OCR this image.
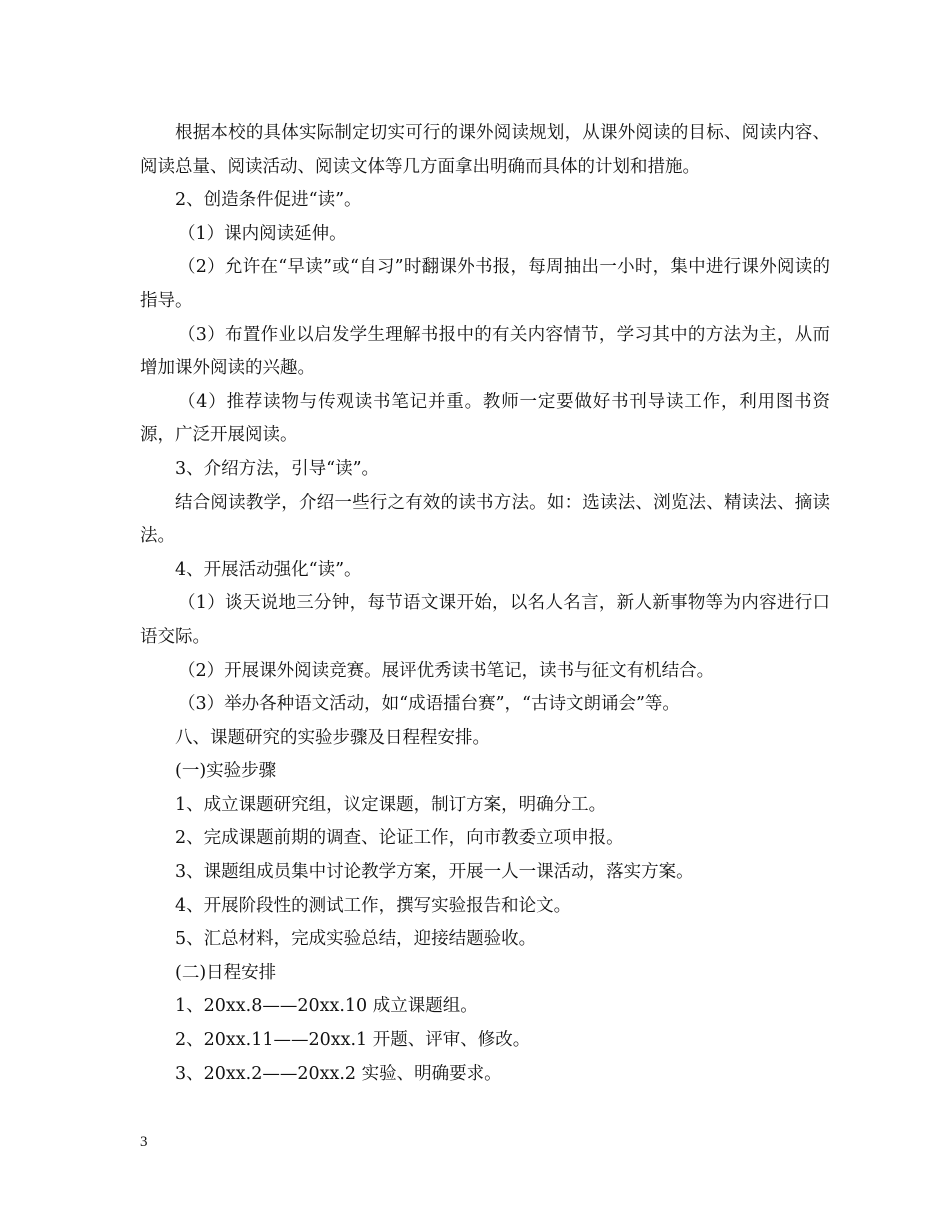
根据本校的具体实际制定切实可行的课外阅读规划，从课外阅读的目标、阅读内容、阅读总量、阅读活动、阅读文体等几方面拿出明确而具体的计划和措施。

2、创造条件促进“读”。

（1）课内阅读延伸。

（2）允许在“早读”或“自习”时翻课外书报，每周抽出一小时，集中进行课外阅读的指导。

（3）布置作业以启发学生理解书报中的有关内容情节，学习其中的方法为主，从而增加课外阅读的兴趣。

（4）推荐读物与传观读书笔记并重。教师一定要做好书刊导读工作，利用图书资源，广泛开展阅读。

3、介绍方法，引导“读”。

结合阅读教学，介绍一些行之有效的读书方法。如：选读法、浏览法、精读法、摘读法。

4、开展活动强化“读”。

（1）谈天说地三分钟，每节语文课开始，以名人名言，新人新事物等为内容进行口语交际。

（2）开展课外阅读竞赛。展评优秀读书笔记，读书与征文有机结合。

（3）举办各种语文活动，如“成语擂台赛”，“古诗文朗诵会”等。

八、课题研究的实验步骤及日程程安排。

(一)实验步骤

1、成立课题研究组，议定课题，制订方案，明确分工。

2、完成课题前期的调查、论证工作，向市教委立项申报。

3、课题组成员集中讨论教学方案，开展一人一课活动，落实方案。

4、开展阶段性的测试工作，撰写实验报告和论文。

5、汇总材料，完成实验总结，迎接结题验收。

(二)日程安排

1、20xx.8——20xx.10 成立课题组。

2、20xx.11——20xx.1 开题、评审、修改。

3、20xx.2——20xx.2 实验、明确要求。

3
